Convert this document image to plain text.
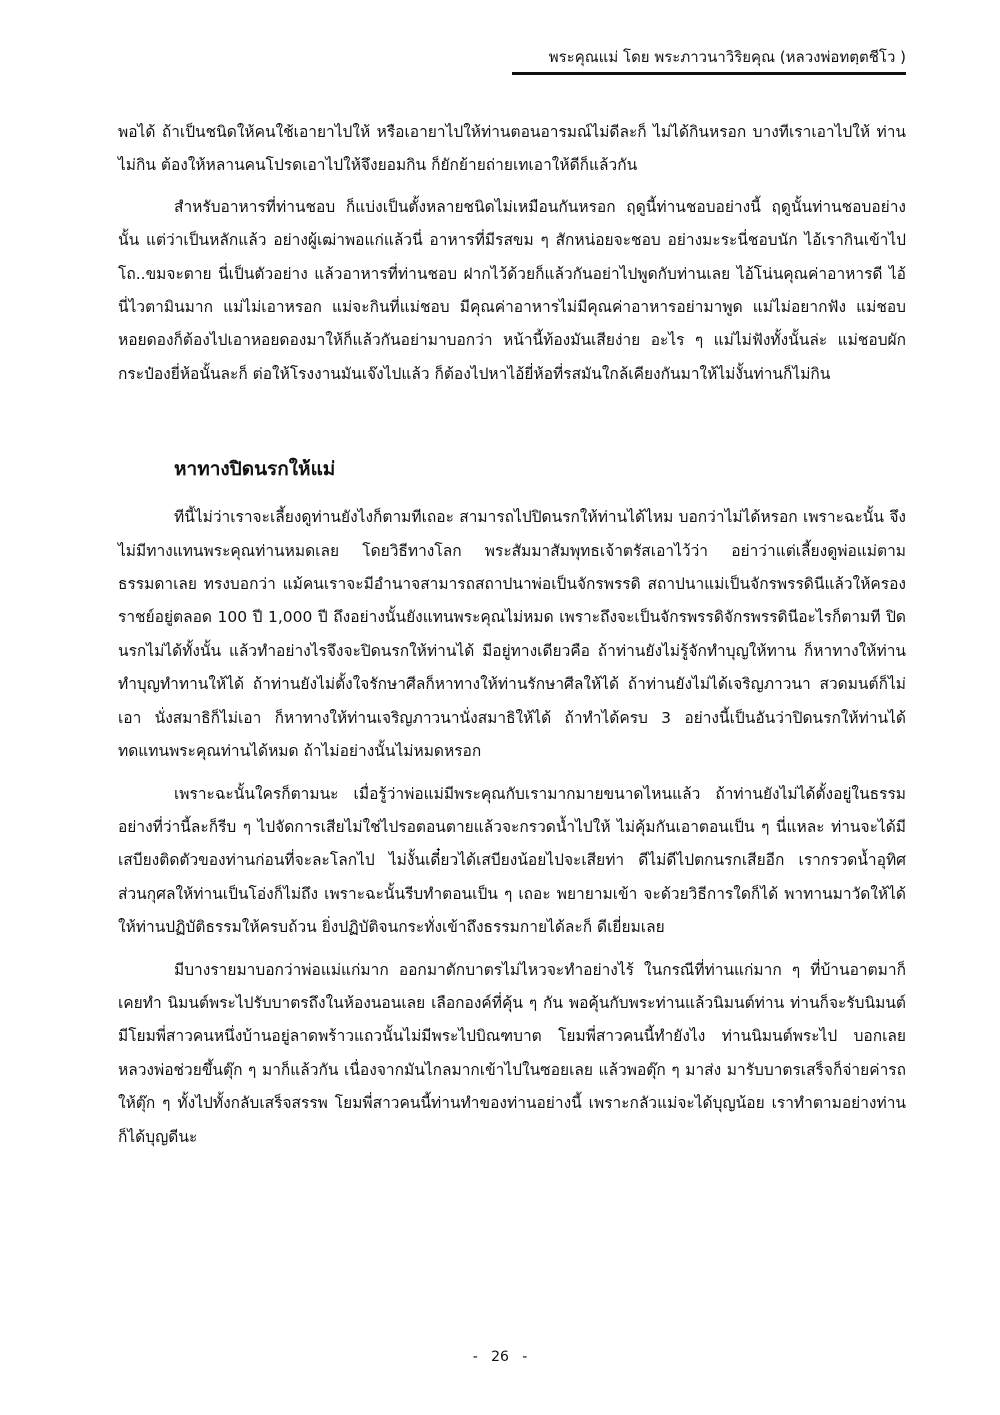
พระคุณแม่ โดย พระภาวนาวิริยคุณ (หลวงพ่อทตฺตชีโว )

พอได้ ถ้าเป็นชนิดให้คนใช้เอายาไปให้ หรือเอายาไปให้ท่านตอนอารมณ์ไม่ดีละก็ ไม่ได้กินหรอก บางทีเราเอาไปให้ ท่านไม่กิน ต้องให้หลานคนโปรดเอาไปให้จึงยอมกิน ก็ยักย้ายถ่ายเทเอาให้ดีก็แล้วกัน

สำหรับอาหารที่ท่านชอบ ก็แบ่งเป็นตั้งหลายชนิดไม่เหมือนกันหรอก ฤดูนี้ท่านชอบอย่างนี้ ฤดูนั้นท่านชอบอย่างนั้น แต่ว่าเป็นหลักแล้ว อย่างผู้เฒ่าพอแก่แล้วนี่ อาหารที่มีรสขม ๆ สักหน่อยจะชอบ อย่างมะระนี่ชอบนัก ไอ้เรากินเข้าไป โถ..ขมจะตาย นี่เป็นตัวอย่าง แล้วอาหารที่ท่านชอบ ฝากไว้ด้วยก็แล้วกันอย่าไปพูดกับท่านเลย ไอ้โน่นคุณค่าอาหารดี ไอ้นี่ไวตามินมาก แม่ไม่เอาหรอก แม่จะกินที่แม่ชอบ มีคุณค่าอาหารไม่มีคุณค่าอาหารอย่ามาพูด แม่ไม่อยากฟัง แม่ชอบหอยดองก็ต้องไปเอาหอยดองมาให้ก็แล้วกันอย่ามาบอกว่า หน้านี้ท้องมันเสียง่าย อะไร ๆ แม่ไม่ฟังทั้งนั้นล่ะ แม่ชอบผักกระป๋องยี่ห้อนั้นละก็ ต่อให้โรงงานมันเจ๊งไปแล้ว ก็ต้องไปหาไอ้ยี่ห้อที่รสมันใกล้เคียงกันมาให้ไม่งั้นท่านก็ไม่กิน

หาทางปิดนรกให้แม่

ทีนี้ไม่ว่าเราจะเลี้ยงดูท่านยังไงก็ตามทีเถอะ สามารถไปปิดนรกให้ท่านได้ไหม บอกว่าไม่ได้หรอก เพราะฉะนั้น จึงไม่มีทางแทนพระคุณท่านหมดเลย โดยวิธีทางโลก พระสัมมาสัมพุทธเจ้าตรัสเอาไว้ว่า อย่าว่าแต่เลี้ยงดูพ่อแม่ตามธรรมดาเลย ทรงบอกว่า แม้คนเราจะมีอำนาจสามารถสถาปนาพ่อเป็นจักรพรรดิ สถาปนาแม่เป็นจักรพรรดินีแล้วให้ครองราชย์อยู่ตลอด 100 ปี 1,000 ปี ถึงอย่างนั้นยังแทนพระคุณไม่หมด เพราะถึงจะเป็นจักรพรรดิจักรพรรดินีอะไรก็ตามที ปิดนรกไม่ได้ทั้งนั้น แล้วทำอย่างไรจึงจะปิดนรกให้ท่านได้ มีอยู่ทางเดียวคือ ถ้าท่านยังไม่รู้จักทำบุญให้ทาน ก็หาทางให้ท่านทำบุญทำทานให้ได้ ถ้าท่านยังไม่ตั้งใจรักษาศีลก็หาทางให้ท่านรักษาศีลให้ได้ ถ้าท่านยังไม่ได้เจริญภาวนา สวดมนต์ก็ไม่เอา นั่งสมาธิก็ไม่เอา ก็หาทางให้ท่านเจริญภาวนานั่งสมาธิให้ได้ ถ้าทำได้ครบ 3 อย่างนี้เป็นอันว่าปิดนรกให้ท่านได้ ทดแทนพระคุณท่านได้หมด ถ้าไม่อย่างนั้นไม่หมดหรอก

เพราะฉะนั้นใครก็ตามนะ เมื่อรู้ว่าพ่อแม่มีพระคุณกับเรามากมายขนาดไหนแล้ว ถ้าท่านยังไม่ได้ตั้งอยู่ในธรรมอย่างที่ว่านี้ละก็รีบ ๆ ไปจัดการเสียไม่ใช่ไปรอตอนตายแล้วจะกรวดน้ำไปให้ ไม่คุ้มกันเอาตอนเป็น ๆ นี่แหละ ท่านจะได้มีเสบียงติดตัวของท่านก่อนที่จะละโลกไป ไม่งั้นเดี๋ยวได้เสบียงน้อยไปจะเสียท่า ดีไม่ดีไปตกนรกเสียอีก เรากรวดน้ำอุทิศส่วนกุศลให้ท่านเป็นโอ่งก็ไม่ถึง เพราะฉะนั้นรีบทำตอนเป็น ๆ เถอะ พยายามเข้า จะด้วยวิธีการใดก็ได้ พาทานมาวัดให้ได้ให้ท่านปฏิบัติธรรมให้ครบถ้วน ยิ่งปฏิบัติจนกระทั่งเข้าถึงธรรมกายได้ละก็ ดีเยี่ยมเลย

มีบางรายมาบอกว่าพ่อแม่แก่มาก ออกมาตักบาตรไม่ไหวจะทำอย่างไร้ ในกรณีที่ท่านแก่มาก ๆ ที่บ้านอาตมาก็เคยทำ นิมนต์พระไปรับบาตรถึงในห้องนอนเลย เลือกองค์ที่คุ้น ๆ กัน พอคุ้นกับพระท่านแล้วนิมนต์ท่าน ท่านก็จะรับนิมนต์ มีโยมพี่สาวคนหนึ่งบ้านอยู่ลาดพร้าวแถวนั้นไม่มีพระไปบิณฑบาต โยมพี่สาวคนนี้ทำยังไง ท่านนิมนต์พระไป บอกเลย หลวงพ่อช่วยขึ้นตุ๊ก ๆ มาก็แล้วกัน เนื่องจากมันไกลมากเข้าไปในซอยเลย แล้วพอตุ๊ก ๆ มาส่ง มารับบาตรเสร็จก็จ่ายค่ารถให้ตุ๊ก ๆ ทั้งไปทั้งกลับเสร็จสรรพ โยมพี่สาวคนนี้ท่านทำของท่านอย่างนี้ เพราะกลัวแม่จะได้บุญน้อย เราทำตามอย่างท่านก็ได้บุญดีนะ

-   26   -
